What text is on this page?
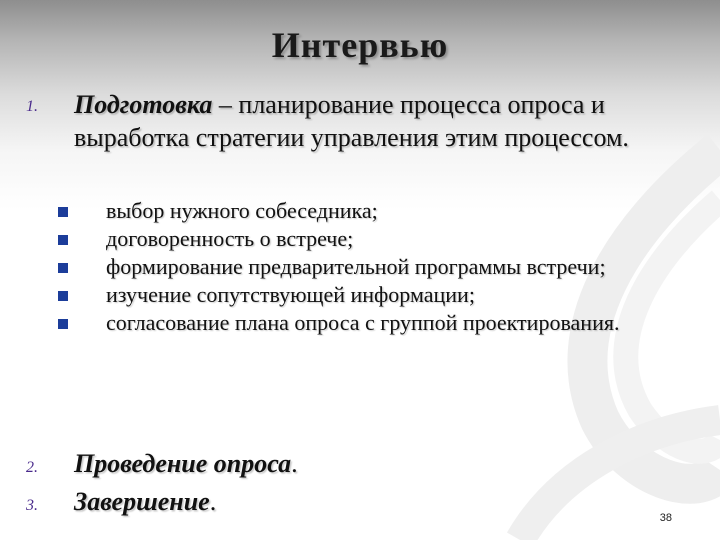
Интервью
1. Подготовка – планирование процесса опроса и выработка стратегии управления этим процессом.
выбор нужного собеседника;
договоренность о встрече;
формирование предварительной программы встречи;
изучение сопутствующей информации;
согласование плана опроса с группой проектирования.
2. Проведение опроса.
3. Завершение.
38
